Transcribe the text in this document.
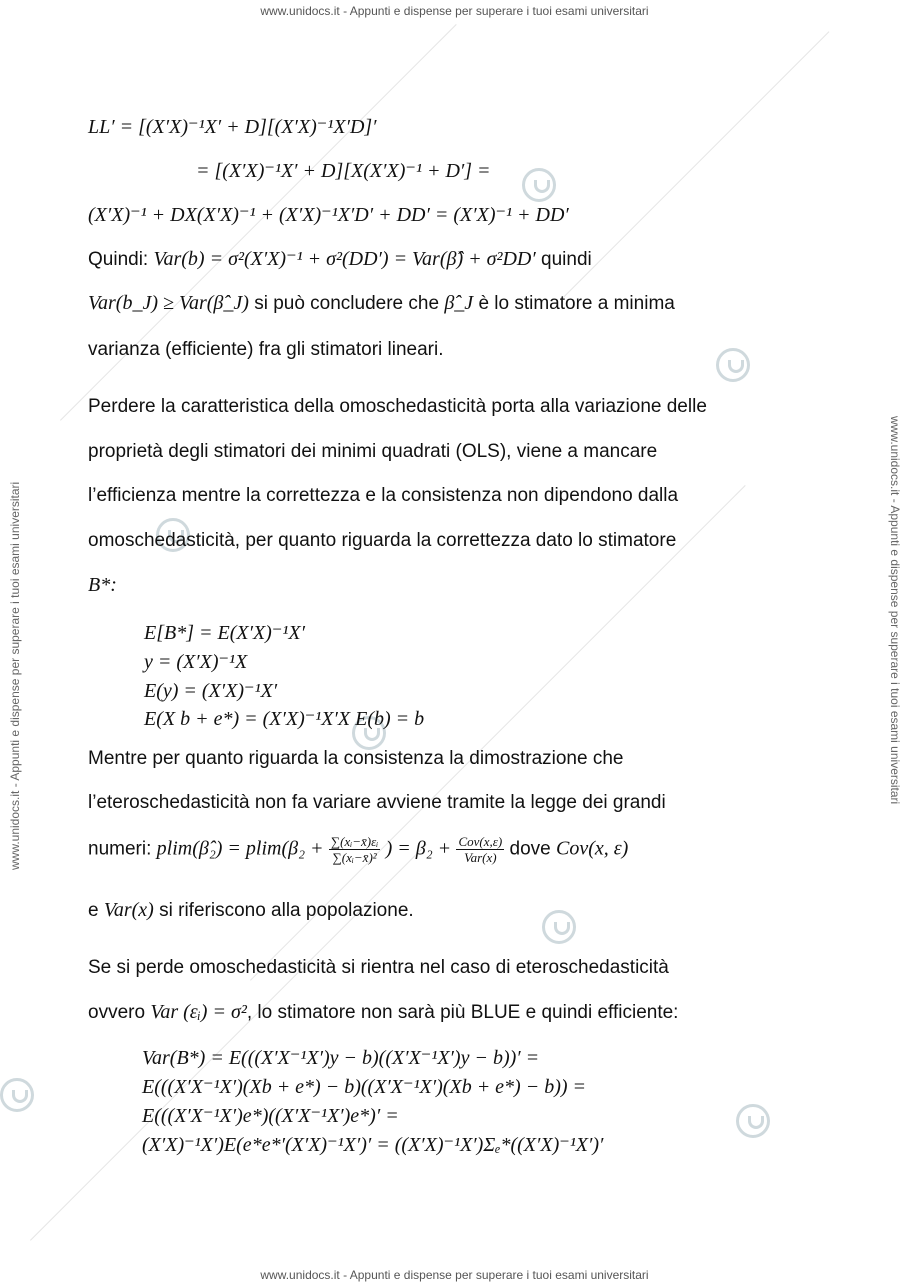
www.unidocs.it - Appunti e dispense per superare i tuoi esami universitari
www.unidocs.it - Appunti e dispense per superare i tuoi esami universitari
www.unidocs.it - Appunti e dispense per superare i tuoi esami universitari	www.unidocs.it - Appunti e dispense per superare i tuoi esami universitari
LL′ = [(X′X)⁻¹X′ + D][(X′X)⁻¹X′D]′
= [(X′X)⁻¹X′ + D][X(X′X)⁻¹ + D′] =
(X′X)⁻¹ + DX(X′X)⁻¹ + (X′X)⁻¹X′D′ + DD′ = (X′X)⁻¹ + DD′
Quindi: Var(b) = σ²(X′X)⁻¹ + σ²(DD′) = Var(β̂) + σ²DD′ quindi
Var(b_J) ≥ Var(β̂_J) si può concludere che β̂_J è lo stimatore a minima
varianza (efficiente) fra gli stimatori lineari.
Perdere la caratteristica della omoschedasticità porta alla variazione delle
proprietà degli stimatori dei minimi quadrati (OLS), viene a mancare
l’efficienza mentre la correttezza e la consistenza non dipendono dalla
omoschedasticità, per quanto riguarda la correttezza dato lo stimatore
B*:
E[B*] = E(X′X)⁻¹X′
y = (X′X)⁻¹X
E(y) = (X′X)⁻¹X′
E(X b + e*) = (X′X)⁻¹X′X E(b) = b
Mentre per quanto riguarda la consistenza la dimostrazione che
l’eteroschedasticità non fa variare avviene tramite la legge dei grandi
numeri: plim(β̂₂) = $plim(\beta_2 + \frac{\text{∑(xᵢ−x̄)εᵢ}}{\text{∑(xᵢ−x̄)²}}$ ) = $\beta_2 + \frac{\text{Cov(x,ε)}}{\text{Var(x)}}$ dove Cov(x, ε)
e Var(x) si riferiscono alla popolazione.
Se si perde omoschedasticità si rientra nel caso di eteroschedasticità
ovvero Var (εᵢ) = σ², lo stimatore non sarà più BLUE e quindi efficiente:
Var(B*) = E(((X′X⁻¹X′)y − b)((X′X⁻¹X′)y − b))′ =
E(((X′X⁻¹X′)(Xb + e*) − b)((X′X⁻¹X′)(Xb + e*) − b)) =
E(((X′X⁻¹X′)e*)((X′X⁻¹X′)e*)′ =
(X′X)⁻¹X′)E(e*e*′(X′X)⁻¹X′)′ = ((X′X)⁻¹X′)Σₑ*((X′X)⁻¹X′)′
